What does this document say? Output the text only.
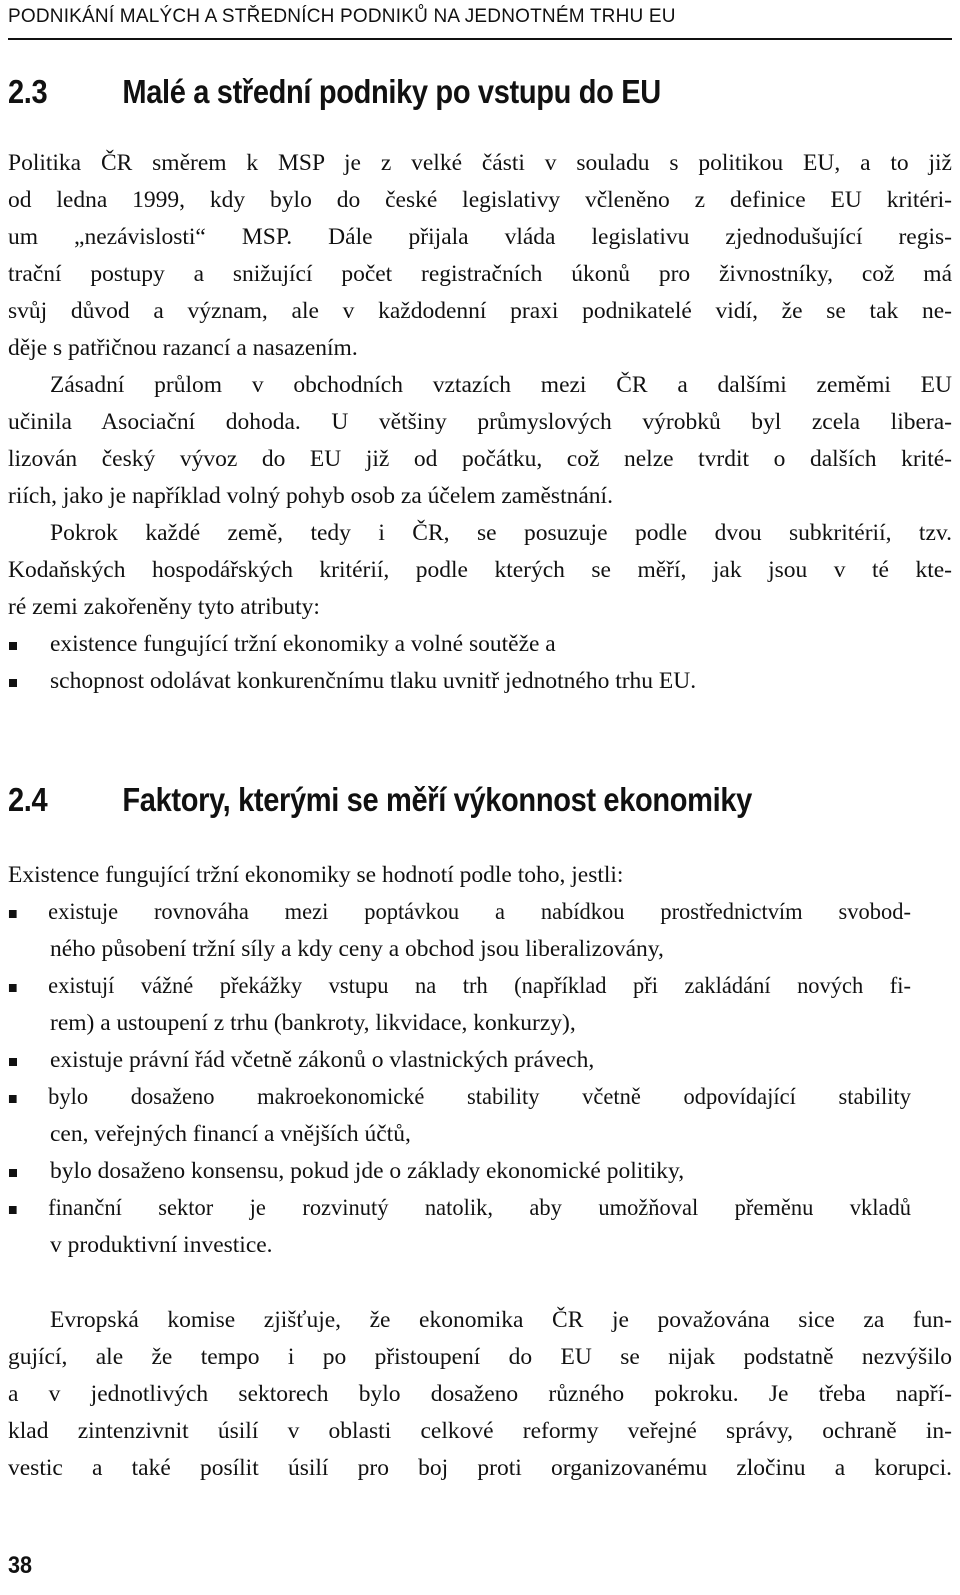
PODNIKÁNÍ MALÝCH A STŘEDNÍCH PODNIKŮ NA JEDNOTNÉM TRHU EU
2.3 Malé a střední podniky po vstupu do EU
Politika ČR směrem k MSP je z velké části v souladu s politikou EU, a to již
od ledna 1999, kdy bylo do české legislativy včleněno z definice EU kritéri-
um „nezávislosti“ MSP. Dále přijala vláda legislativu zjednodušující regis-
trační postupy a snižující počet registračních úkonů pro živnostníky, což má
svůj důvod a význam, ale v každodenní praxi podnikatelé vidí, že se tak ne-
děje s patřičnou razancí a nasazením.
Zásadní průlom v obchodních vztazích mezi ČR a dalšími zeměmi EU
učinila Asociační dohoda. U většiny průmyslových výrobků byl zcela libera-
lizován český vývoz do EU již od počátku, což nelze tvrdit o dalších krité-
riích, jako je například volný pohyb osob za účelem zaměstnání.
Pokrok každé země, tedy i ČR, se posuzuje podle dvou subkritérií, tzv.
Kodaňských hospodářských kritérií, podle kterých se měří, jak jsou v té kte-
ré zemi zakořeněny tyto atributy:
existence fungující tržní ekonomiky a volné soutěže a
schopnost odolávat konkurenčnímu tlaku uvnitř jednotného trhu EU.
2.4 Faktory, kterými se měří výkonnost ekonomiky
Existence fungující tržní ekonomiky se hodnotí podle toho, jestli:
existuje rovnováha mezi poptávkou a nabídkou prostřednictvím svobod-
ného působení tržní síly a kdy ceny a obchod jsou liberalizovány,
existují vážné překážky vstupu na trh (například při zakládání nových fi-
rem) a ustoupení z trhu (bankroty, likvidace, konkurzy),
existuje právní řád včetně zákonů o vlastnických právech,
bylo dosaženo makroekonomické stability včetně odpovídající stability
cen, veřejných financí a vnějších účtů,
bylo dosaženo konsensu, pokud jde o základy ekonomické politiky,
finanční sektor je rozvinutý natolik, aby umožňoval přeměnu vkladů
v produktivní investice.
Evropská komise zjišťuje, že ekonomika ČR je považována sice za fun-
gující, ale že tempo i po přistoupení do EU se nijak podstatně nezvýšilo
a v jednotlivých sektorech bylo dosaženo různého pokroku. Je třeba napří-
klad zintenzivnit úsilí v oblasti celkové reformy veřejné správy, ochraně in-
vestic a také posílit úsilí pro boj proti organizovanému zločinu a korupci.
38
